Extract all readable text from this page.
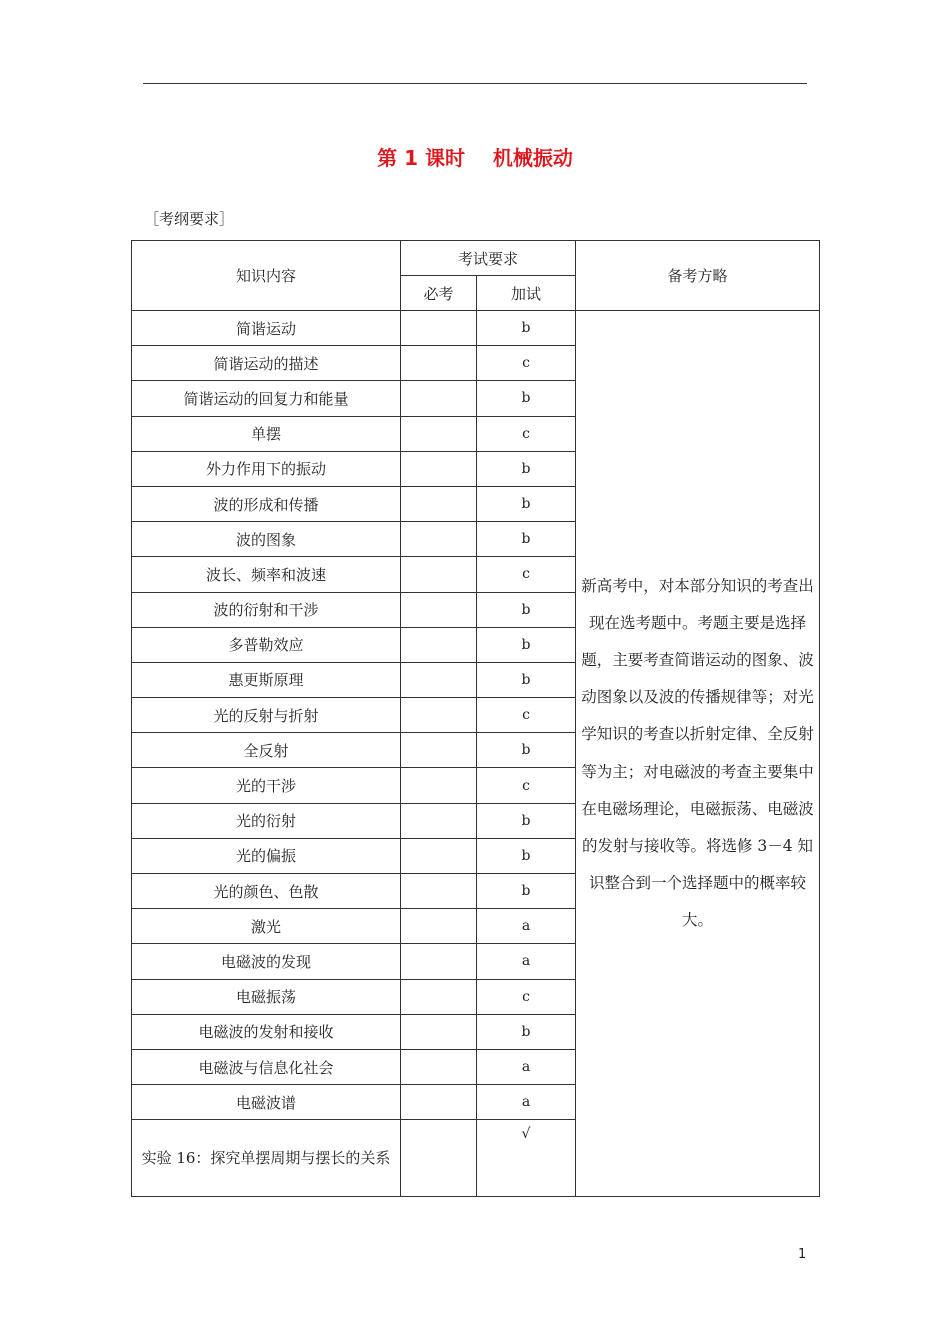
第 1 课时    机械振动
［考纲要求］
知识内容	考试要求		备考方略
	必考	加试	
简谐运动		b	新高考中，对本部分知识的考查出现在选考题中。考题主要是选择题，主要考查简谐运动的图象、波动图象以及波的传播规律等；对光学知识的考查以折射定律、全反射等为主；对电磁波的考查主要集中在电磁场理论，电磁振荡、电磁波的发射与接收等。将选修 3－4 知识整合到一个选择题中的概率较大。
简谐运动的描述		c	
简谐运动的回复力和能量		b	
单摆		c	
外力作用下的振动		b	
波的形成和传播		b	
波的图象		b	
波长、频率和波速		c	
波的衍射和干涉		b	
多普勒效应		b	
惠更斯原理		b	
光的反射与折射		c	
全反射		b	
光的干涉		c	
光的衍射		b	
光的偏振		b	
光的颜色、色散		b	
激光		a	
电磁波的发现		a	
电磁振荡		c	
电磁波的发射和接收		b	
电磁波与信息化社会		a	
电磁波谱		a	
实验 16：探究单摆周期与摆长的关系		√	
1
